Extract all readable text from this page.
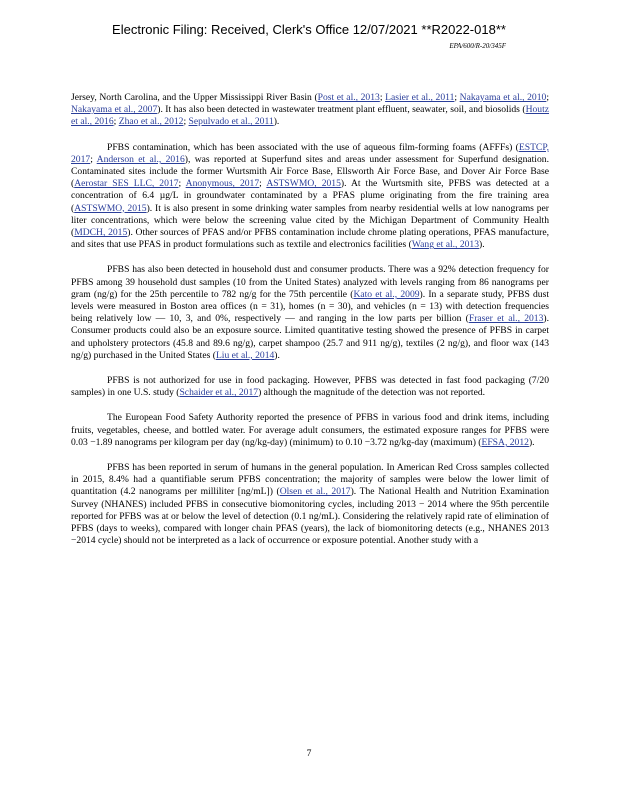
Electronic Filing: Received, Clerk's Office 12/07/2021 **R2022-018**
EPA/600/R-20/345F

Jersey, North Carolina, and the Upper Mississippi River Basin (Post et al., 2013; Lasier et al., 2011; Nakayama et al., 2010; Nakayama et al., 2007). It has also been detected in wastewater treatment plant effluent, seawater, soil, and biosolids (Houtz et al., 2016; Zhao et al., 2012; Sepulvado et al., 2011).

PFBS contamination, which has been associated with the use of aqueous film-forming foams (AFFFs) (ESTCP, 2017; Anderson et al., 2016), was reported at Superfund sites and areas under assessment for Superfund designation. Contaminated sites include the former Wurtsmith Air Force Base, Ellsworth Air Force Base, and Dover Air Force Base (Aerostar SES LLC, 2017; Anonymous, 2017; ASTSWMO, 2015). At the Wurtsmith site, PFBS was detected at a concentration of 6.4 µg/L in groundwater contaminated by a PFAS plume originating from the fire training area (ASTSWMO, 2015). It is also present in some drinking water samples from nearby residential wells at low nanograms per liter concentrations, which were below the screening value cited by the Michigan Department of Community Health (MDCH, 2015). Other sources of PFAS and/or PFBS contamination include chrome plating operations, PFAS manufacture, and sites that use PFAS in product formulations such as textile and electronics facilities (Wang et al., 2013).

PFBS has also been detected in household dust and consumer products. There was a 92% detection frequency for PFBS among 39 household dust samples (10 from the United States) analyzed with levels ranging from 86 nanograms per gram (ng/g) for the 25th percentile to 782 ng/g for the 75th percentile (Kato et al., 2009). In a separate study, PFBS dust levels were measured in Boston area offices (n = 31), homes (n = 30), and vehicles (n = 13) with detection frequencies being relatively low — 10, 3, and 0%, respectively — and ranging in the low parts per billion (Fraser et al., 2013). Consumer products could also be an exposure source. Limited quantitative testing showed the presence of PFBS in carpet and upholstery protectors (45.8 and 89.6 ng/g), carpet shampoo (25.7 and 911 ng/g), textiles (2 ng/g), and floor wax (143 ng/g) purchased in the United States (Liu et al., 2014).

PFBS is not authorized for use in food packaging. However, PFBS was detected in fast food packaging (7/20 samples) in one U.S. study (Schaider et al., 2017) although the magnitude of the detection was not reported.

The European Food Safety Authority reported the presence of PFBS in various food and drink items, including fruits, vegetables, cheese, and bottled water. For average adult consumers, the estimated exposure ranges for PFBS were 0.03 −1.89 nanograms per kilogram per day (ng/kg-day) (minimum) to 0.10 −3.72 ng/kg-day (maximum) (EFSA, 2012).

PFBS has been reported in serum of humans in the general population. In American Red Cross samples collected in 2015, 8.4% had a quantifiable serum PFBS concentration; the majority of samples were below the lower limit of quantitation (4.2 nanograms per milliliter [ng/mL]) (Olsen et al., 2017). The National Health and Nutrition Examination Survey (NHANES) included PFBS in consecutive biomonitoring cycles, including 2013 − 2014 where the 95th percentile reported for PFBS was at or below the level of detection (0.1 ng/mL). Considering the relatively rapid rate of elimination of PFBS (days to weeks), compared with longer chain PFAS (years), the lack of biomonitoring detects (e.g., NHANES 2013 −2014 cycle) should not be interpreted as a lack of occurrence or exposure potential. Another study with a

7
